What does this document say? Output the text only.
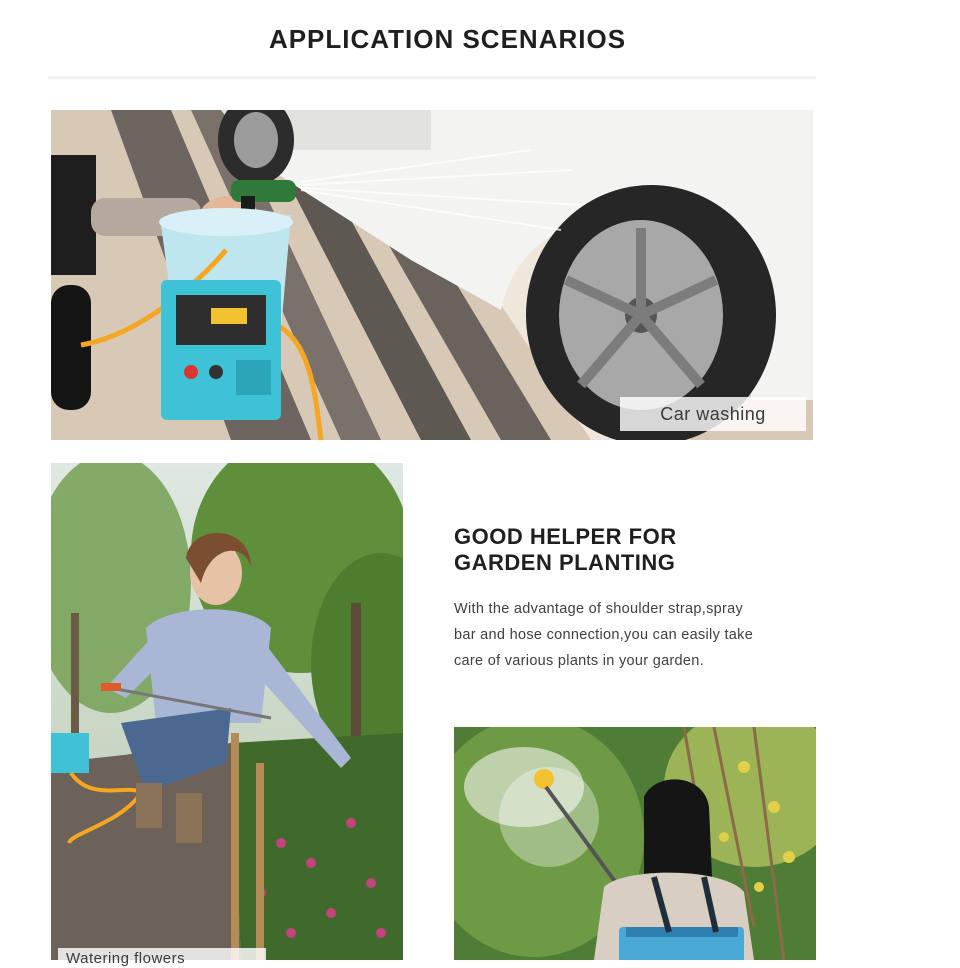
APPLICATION SCENARIOS
Car washing
Watering flowers
GOOD HELPER FOR
GARDEN PLANTING
With the advantage of shoulder strap,spray
bar and hose connection,you can easily take
care of various plants in your garden.
